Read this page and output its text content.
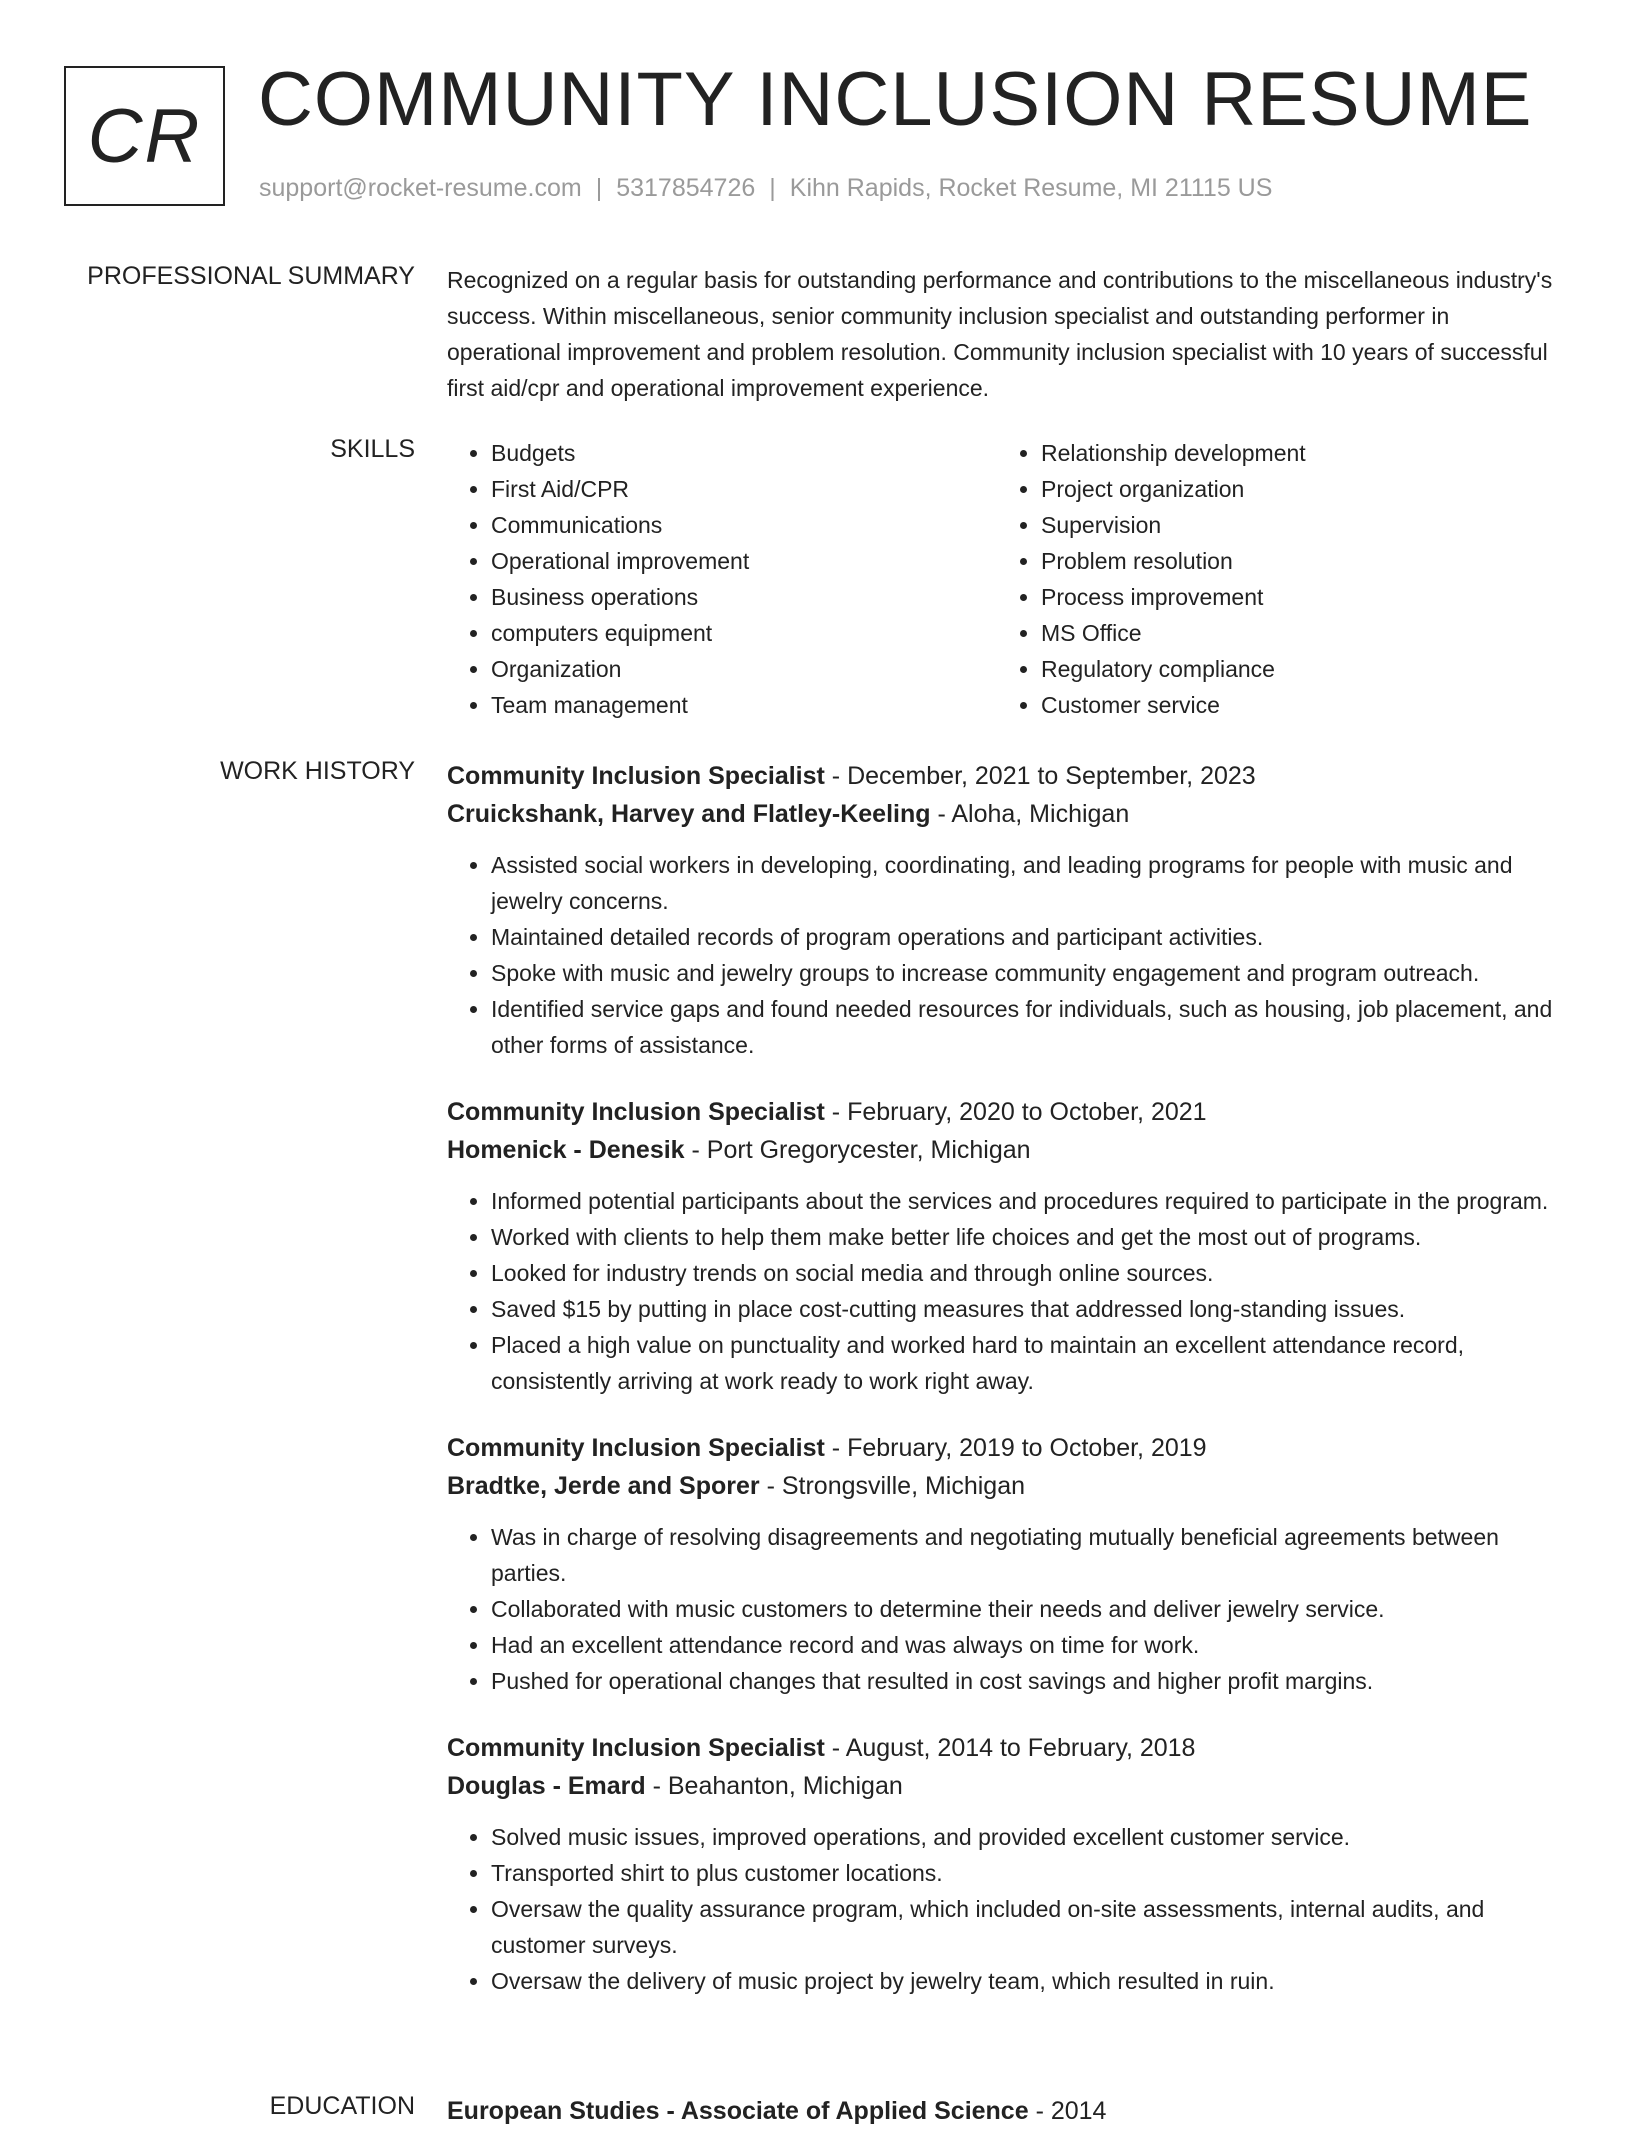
CR COMMUNITY INCLUSION RESUME
support@rocket-resume.com | 5317854726 | Kihn Rapids, Rocket Resume, MI 21115 US
PROFESSIONAL SUMMARY Recognized on a regular basis for outstanding performance and contributions to the miscellaneous industry's success. Within miscellaneous, senior community inclusion specialist and outstanding performer in operational improvement and problem resolution. Community inclusion specialist with 10 years of successful first aid/cpr and operational improvement experience.

SKILLS
•	Budgets
• First Aid/CPR
• Communications
• Operational improvement
• Business operations
• computers equipment
• Organization
• Team management
• Relationship development
• Project organization
• Supervision
• Problem resolution
• Process improvement
• MS Office
• Regulatory compliance
• Customer service
WORK HISTORY Community Inclusion Specialist - December, 2021 to September, 2023
Cruickshank, Harvey and Flatley-Keeling - Aloha, Michigan
• Assisted social workers in developing, coordinating, and leading programs for people with music and jewelry concerns.
• Maintained detailed records of program operations and participant activities.
• Spoke with music and jewelry groups to increase community engagement and program outreach.
• Identified service gaps and found needed resources for individuals, such as housing, job placement, and other forms of assistance.
Community Inclusion Specialist - February, 2020 to October, 2021
Homenick - Denesik - Port Gregorycester, Michigan
• Informed potential participants about the services and procedures required to participate in the program.
• Worked with clients to help them make better life choices and get the most out of programs.
• Looked for industry trends on social media and through online sources.
• Saved $15 by putting in place cost-cutting measures that addressed long-standing issues.
• Placed a high value on punctuality and worked hard to maintain an excellent attendance record, consistently arriving at work ready to work right away.
Community Inclusion Specialist - February, 2019 to October, 2019
Bradtke, Jerde and Sporer - Strongsville, Michigan
• Was in charge of resolving disagreements and negotiating mutually beneficial agreements between parties.
• Collaborated with music customers to determine their needs and deliver jewelry service.
• Had an excellent attendance record and was always on time for work.
• Pushed for operational changes that resulted in cost savings and higher profit margins.
Community Inclusion Specialist - August, 2014 to February, 2018
Douglas - Emard - Beahanton, Michigan
• Solved music issues, improved operations, and provided excellent customer service.
• Transported shirt to plus customer locations.
• Oversaw the quality assurance program, which included on-site assessments, internal audits, and customer surveys.
• Oversaw the delivery of music project by jewelry team, which resulted in ruin.
EDUCATION European Studies - Associate of Applied Science - 2014
